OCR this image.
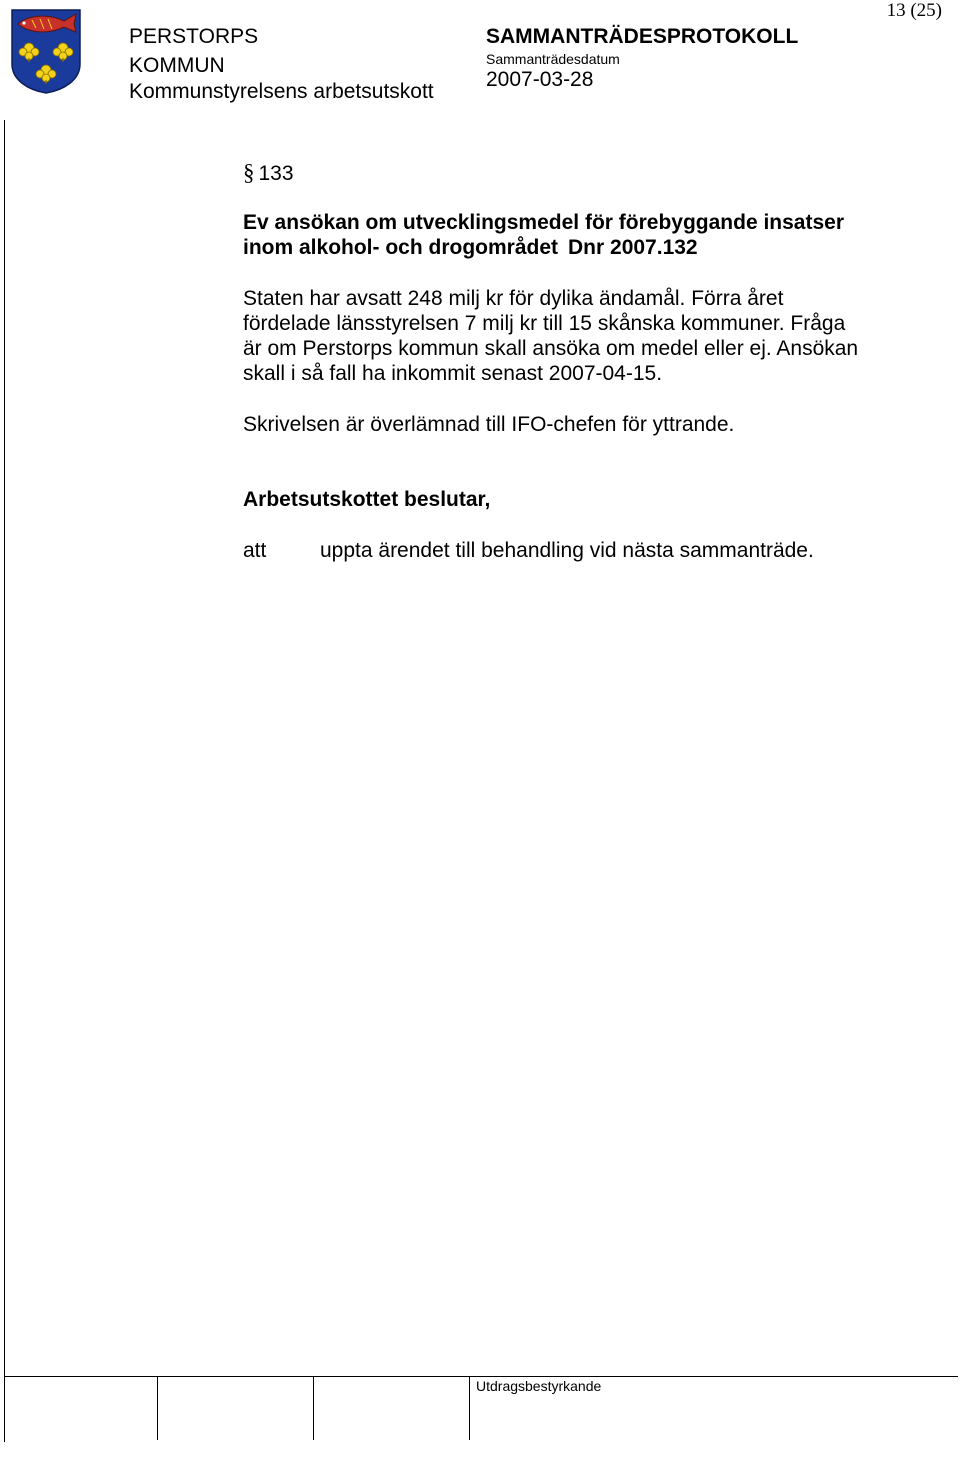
PERSTORPS
KOMMUN
Kommunstyrelsens arbetsutskott
SAMMANTRÄDESPROTOKOLL
Sammanträdesdatum
2007-03-28
13 (25)
Utdragsbestyrkande
§ 133
Ev ansökan om utvecklingsmedel för förebyggande insatser inom alkohol- och drogområdet Dnr 2007.132
Staten har avsatt 248 milj kr för dylika ändamål. Förra året fördelade länsstyrelsen 7 milj kr till 15 skånska kommuner. Fråga är om Perstorps kommun skall ansöka om medel eller ej. Ansökan skall i så fall ha inkommit senast 2007-04-15.
Skrivelsen är överlämnad till IFO-chefen för yttrande.
Arbetsutskottet beslutar,
att	uppta ärendet till behandling vid nästa sammanträde.
